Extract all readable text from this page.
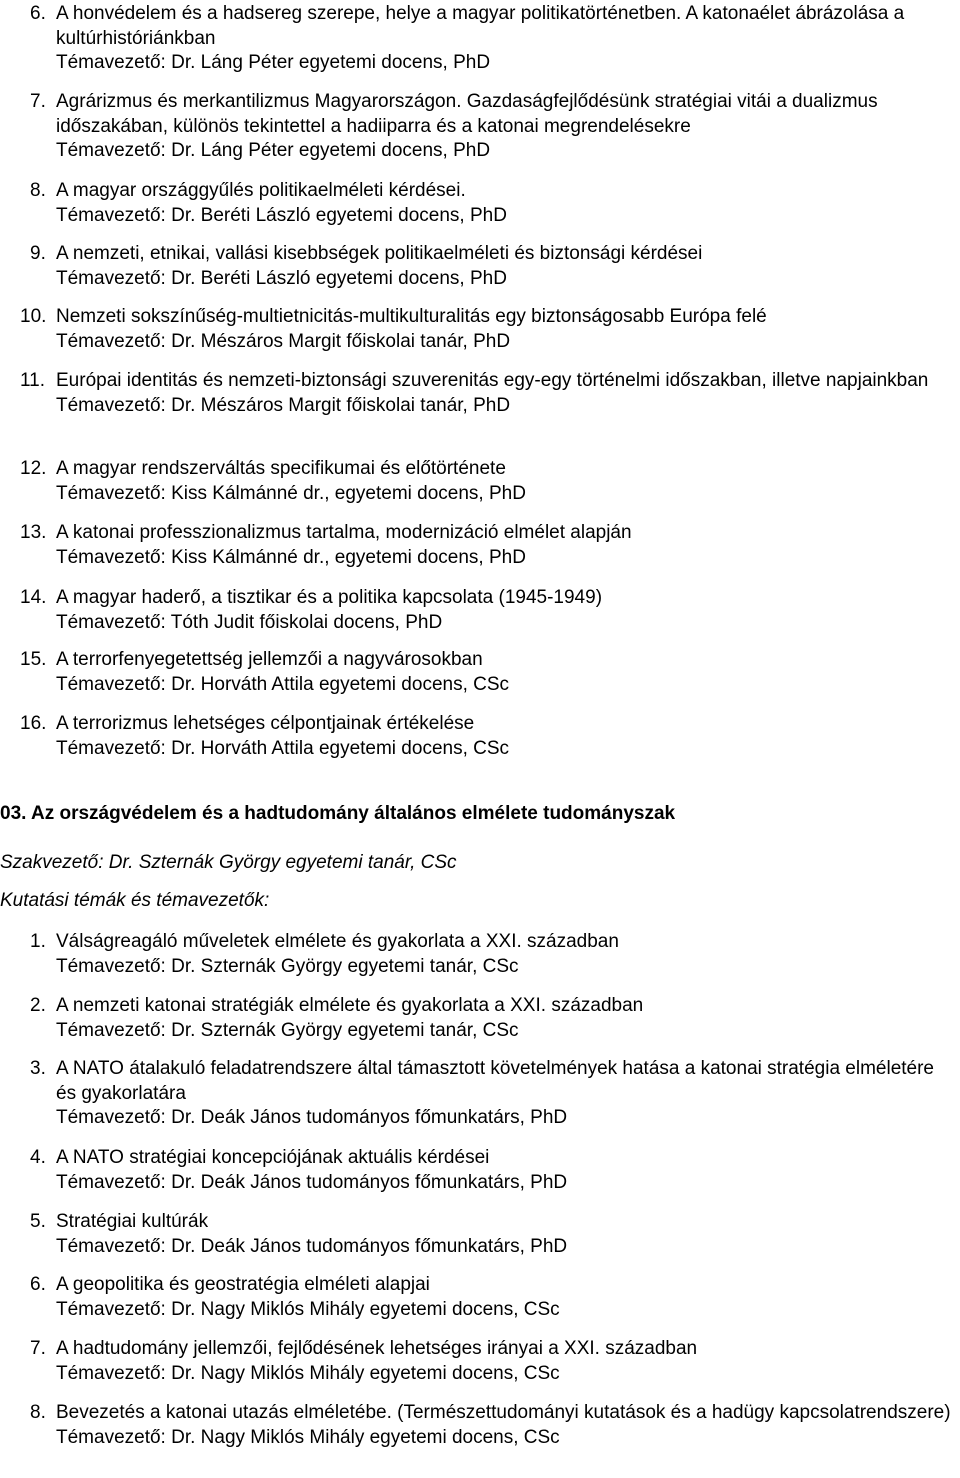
6. A honvédelem és a hadsereg szerepe, helye a magyar politikatörténetben. A katonaélet ábrázolása a kultúrhistóriánkban
Témavezető: Dr. Láng Péter egyetemi docens, PhD
7. Agrárizmus és merkantilizmus Magyarországon. Gazdaságfejlődésünk stratégiai vitái a dualizmus időszakában, különös tekintettel a hadiiparra és a katonai megrendelésekre
Témavezető: Dr. Láng Péter egyetemi docens, PhD
8. A magyar országgyűlés politikaelméleti kérdései.
Témavezető: Dr. Beréti László egyetemi docens, PhD
9. A nemzeti, etnikai, vallási kisebbségek politikaelméleti és biztonsági kérdései
Témavezető: Dr. Beréti László egyetemi docens, PhD
10. Nemzeti sokszínűség-multietnicitás-multikulturalitás egy biztonságosabb Európa felé
Témavezető: Dr. Mészáros Margit főiskolai tanár, PhD
11. Európai identitás és nemzeti-biztonsági szuverenitás egy-egy történelmi időszakban, illetve napjainkban
Témavezető: Dr. Mészáros Margit főiskolai tanár, PhD
12. A magyar rendszerváltás specifikumai és előtörténete
Témavezető: Kiss Kálmánné dr., egyetemi docens, PhD
13. A katonai professzionalizmus tartalma, modernizáció elmélet alapján
Témavezető: Kiss Kálmánné dr., egyetemi docens, PhD
14. A magyar haderő, a tisztikar és a politika kapcsolata (1945-1949)
Témavezető: Tóth Judit főiskolai docens, PhD
15. A terrorfenyegetettség jellemzői a nagyvárosokban
Témavezető: Dr. Horváth Attila egyetemi docens, CSc
16. A terrorizmus lehetséges célpontjainak értékelése
Témavezető: Dr. Horváth Attila egyetemi docens, CSc
03. Az országvédelem és a hadtudomány általános elmélete tudományszak
Szakvezető: Dr. Szternák György egyetemi tanár, CSc
Kutatási témák és témavezetők:
1. Válságreagáló műveletek elmélete és gyakorlata a XXI. században
Témavezető: Dr. Szternák György egyetemi tanár, CSc
2. A nemzeti katonai stratégiák elmélete és gyakorlata a XXI. században
Témavezető: Dr. Szternák György egyetemi tanár, CSc
3. A NATO átalakuló feladatrendszere által támasztott követelmények hatása a katonai stratégia elméletére és gyakorlatára
Témavezető: Dr. Deák János tudományos főmunkatárs, PhD
4. A NATO stratégiai koncepciójának aktuális kérdései
Témavezető: Dr. Deák János tudományos főmunkatárs, PhD
5. Stratégiai kultúrák
Témavezető: Dr. Deák János tudományos főmunkatárs, PhD
6. A geopolitika és geostratégia elméleti alapjai
Témavezető: Dr. Nagy Miklós Mihály egyetemi docens, CSc
7. A hadtudomány jellemzői, fejlődésének lehetséges irányai a XXI. században
Témavezető: Dr. Nagy Miklós Mihály egyetemi docens, CSc
8. Bevezetés a katonai utazás elméletébe. (Természettudományi kutatások és a hadügy kapcsolatrendszere)
Témavezető: Dr. Nagy Miklós Mihály egyetemi docens, CSc
